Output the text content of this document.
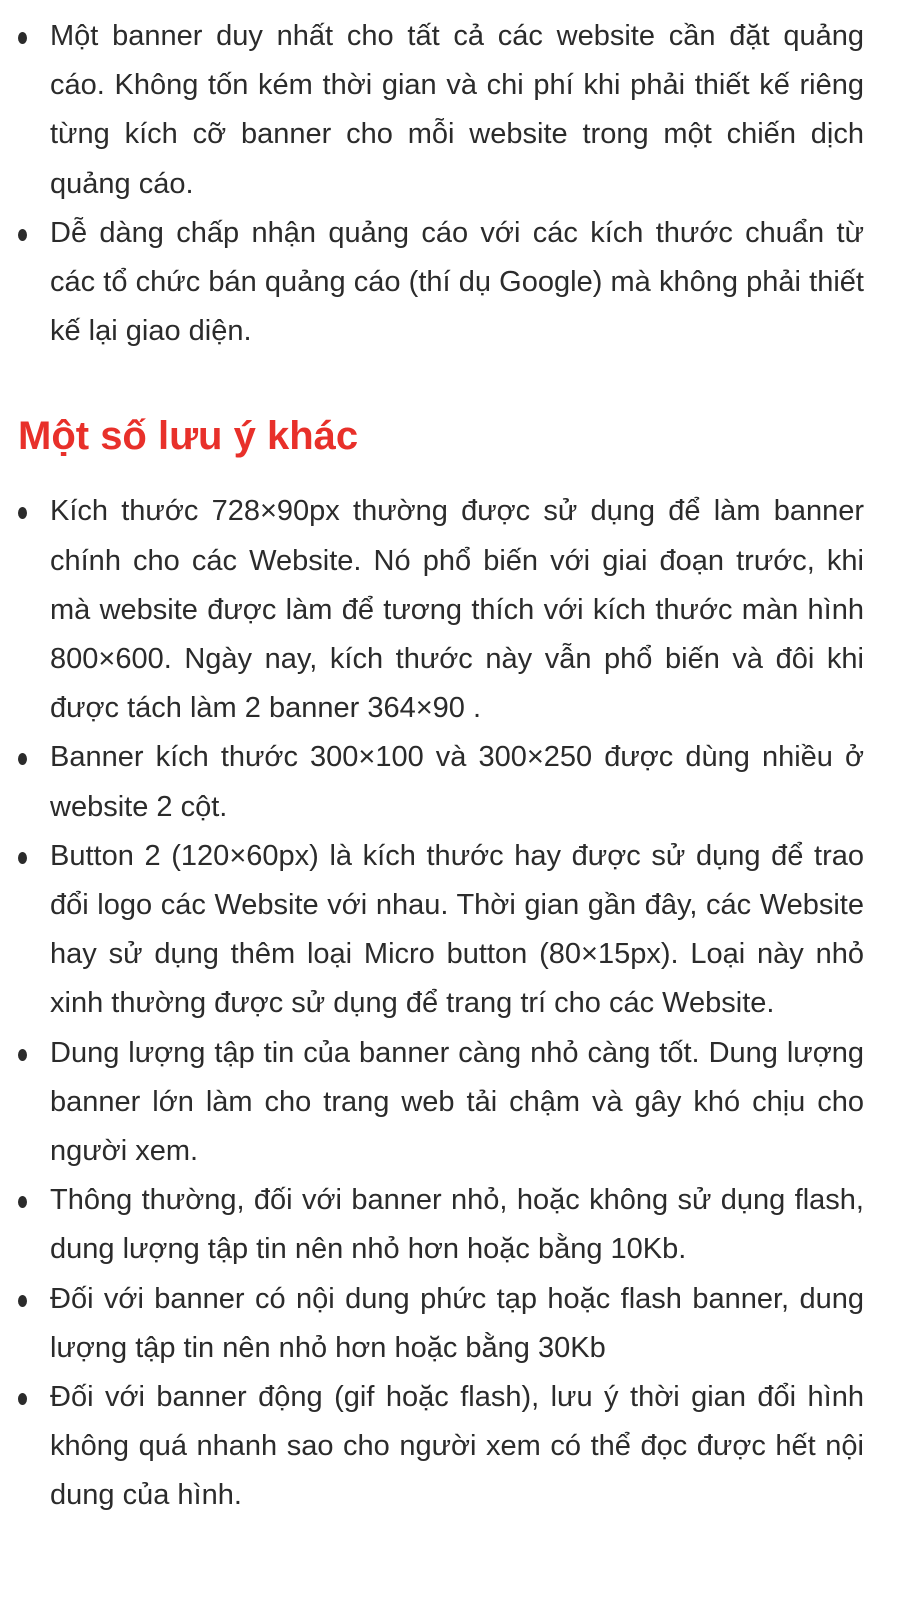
Một banner duy nhất cho tất cả các website cần đặt quảng cáo. Không tốn kém thời gian và chi phí khi phải thiết kế riêng từng kích cỡ banner cho mỗi website trong một chiến dịch quảng cáo.
Dễ dàng chấp nhận quảng cáo với các kích thước chuẩn từ các tổ chức bán quảng cáo (thí dụ Google) mà không phải thiết kế lại giao diện.
Một số lưu ý khác
Kích thước 728×90px thường được sử dụng để làm banner chính cho các Website. Nó phổ biến với giai đoạn trước, khi mà website được làm để tương thích với kích thước màn hình 800×600. Ngày nay, kích thước này vẫn phổ biến và đôi khi được tách làm 2 banner 364×90 .
Banner kích thước 300×100 và 300×250 được dùng nhiều ở website 2 cột.
Button 2 (120×60px) là kích thước hay được sử dụng để trao đổi logo các Website với nhau. Thời gian gần đây, các Website hay sử dụng thêm loại Micro button (80×15px). Loại này nhỏ xinh thường được sử dụng để trang trí cho các Website.
Dung lượng tập tin của banner càng nhỏ càng tốt. Dung lượng banner lớn làm cho trang web tải chậm và gây khó chịu cho người xem.
Thông thường, đối với banner nhỏ, hoặc không sử dụng flash, dung lượng tập tin nên nhỏ hơn hoặc bằng 10Kb.
Đối với banner có nội dung phức tạp hoặc flash banner, dung lượng tập tin nên nhỏ hơn hoặc bằng 30Kb
Đối với banner động (gif hoặc flash), lưu ý thời gian đổi hình không quá nhanh sao cho người xem có thể đọc được hết nội dung của hình.
